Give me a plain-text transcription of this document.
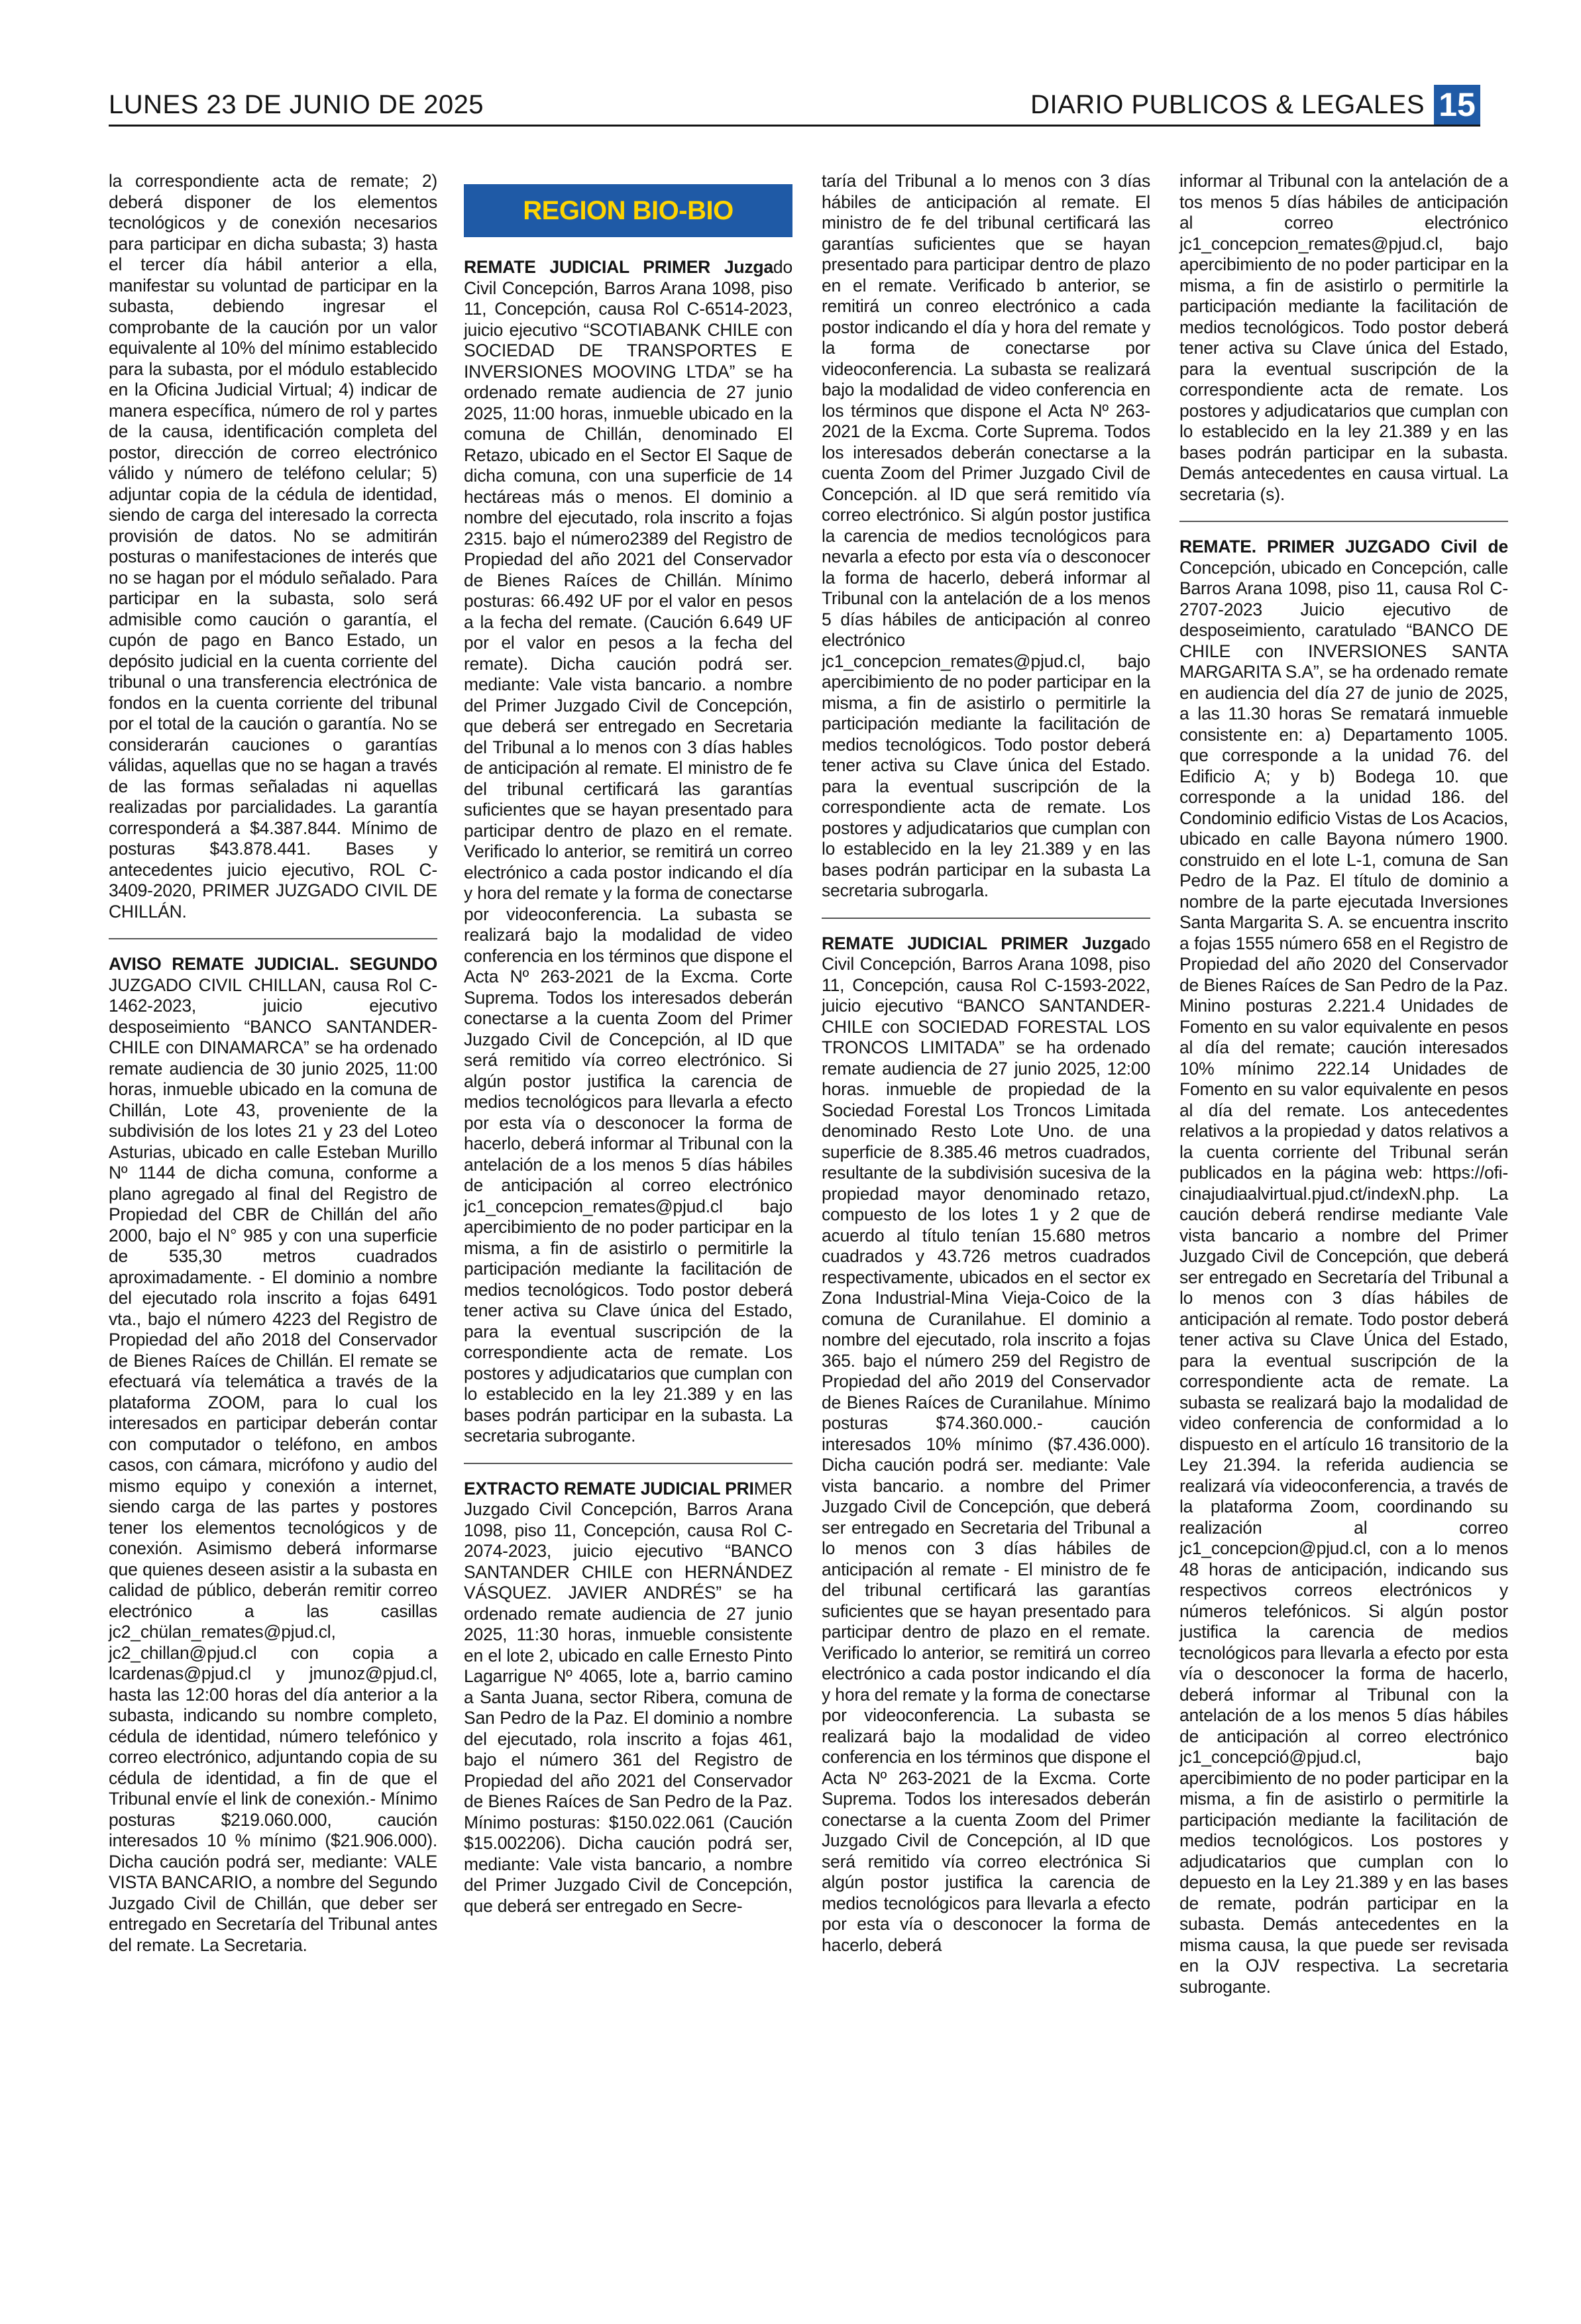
LUNES 23 DE JUNIO DE 2025	DIARIO PUBLICOS & LEGALES 15

la correspondiente acta de remate; 2) deberá disponer de los elementos tecnológicos y de conexión necesarios para participar en dicha subasta; 3) hasta el tercer día hábil anterior a ella, manifestar su voluntad de participar en la subasta, debiendo ingresar el comprobante de la caución por un valor equivalente al 10% del mínimo establecido para la subasta, por el módulo establecido en la Oficina Judicial Virtual; 4) indicar de manera específica, número de rol y partes de la causa, identificación completa del postor, dirección de correo electrónico válido y número de teléfono celular; 5) adjuntar copia de la cédula de identidad, siendo de carga del interesado la correcta provisión de datos. No se admitirán posturas o manifestaciones de interés que no se hagan por el módulo señalado. Para participar en la subasta, solo será admisible como caución o garantía, el cupón de pago en Banco Estado, un depósito judicial en la cuenta corriente del tribunal o una transferencia electrónica de fondos en la cuenta corriente del tribunal por el total de la caución o garantía. No se considerarán cauciones o garantías válidas, aquellas que no se hagan a través de las formas señaladas ni aquellas realizadas por parcialidades. La garantía corresponderá a $4.387.844. Mínimo de posturas $43.878.441. Bases y antecedentes juicio ejecutivo, ROL C-3409-2020, PRIMER JUZGADO CIVIL DE CHILLÁN.

AVISO REMATE JUDICIAL. SEGUNDO JUZGADO CIVIL CHILLAN, causa Rol C-1462-2023, juicio ejecutivo desposeimiento “BANCO SANTANDER-CHILE con DINAMARCA” se ha ordenado remate audiencia de 30 junio 2025, 11:00 horas, inmueble ubicado en la comuna de Chillán, Lote 43, proveniente de la subdivisión de los lotes 21 y 23 del Loteo Asturias, ubicado en calle Esteban Murillo Nº 1144 de dicha comuna, conforme a plano agregado al final del Registro de Propiedad del CBR de Chillán del año 2000, bajo el N° 985 y con una superficie de 535,30 metros cuadrados aproximadamente. - El dominio a nombre del ejecutado rola inscrito a fojas 6491 vta., bajo el número 4223 del Registro de Propiedad del año 2018 del Conservador de Bienes Raíces de Chillán. El remate se efectuará vía telemática a través de la plataforma ZOOM, para lo cual los interesados en participar deberán contar con computador o teléfono, en ambos casos, con cámara, micrófono y audio del mismo equipo y conexión a internet, siendo carga de las partes y postores tener los elementos tecnológicos y de conexión. Asimismo deberá informarse que quienes deseen asistir a la subasta en calidad de público, deberán remitir correo electrónico a las casillas jc2_chülan_remates@pjud.cl, jc2_chillan@pjud.cl con copia a lcardenas@pjud.cl y jmunoz@pjud.cl, hasta las 12:00 horas del día anterior a la subasta, indicando su nombre completo, cédula de identidad, número telefónico y correo electrónico, adjuntando copia de su cédula de identidad, a fin de que el Tribunal envíe el link de conexión.- Mínimo posturas $219.060.000, caución interesados 10 % mínimo ($21.906.000). Dicha caución podrá ser, mediante: VALE VISTA BANCARIO, a nombre del Segundo Juzgado Civil de Chillán, que deber ser entregado en Secretaría del Tribunal antes del remate. La Secretaria.

REGION BIO-BIO

REMATE JUDICIAL PRIMER Juzgado Civil Concepción, Barros Arana 1098, piso 11, Concepción, causa Rol C-6514-2023, juicio ejecutivo “SCOTIABANK CHILE con SOCIEDAD DE TRANSPORTES E INVERSIONES MOOVING LTDA” se ha ordenado remate audiencia de 27 junio 2025, 11:00 horas, inmueble ubicado en la comuna de Chillán, denominado El Retazo, ubicado en el Sector El Saque de dicha comuna, con una superficie de 14 hectáreas más o menos. El dominio a nombre del ejecutado, rola inscrito a fojas 2315. bajo el número2389 del Registro de Propiedad del año 2021 del Conservador de Bienes Raíces de Chillán. Mínimo posturas: 66.492 UF por el valor en pesos a la fecha del remate. (Caución 6.649 UF por el valor en pesos a la fecha del remate). Dicha caución podrá ser. mediante: Vale vista bancario. a nombre del Primer Juzgado Civil de Concepción, que deberá ser entregado en Secretaria del Tribunal a lo menos con 3 días hables de anticipación al remate. El ministro de fe del tribunal certificará las garantías suficientes que se hayan presentado para participar dentro de plazo en el remate. Verificado lo anterior, se remitirá un correo electrónico a cada postor indicando el día y hora del remate y la forma de conectarse por videoconferencia. La subasta se realizará bajo la modalidad de video conferencia en los términos que dispone el Acta Nº 263-2021 de la Excma. Corte Suprema. Todos los interesados deberán conectarse a la cuenta Zoom del Primer Juzgado Civil de Concepción, al ID que será remitido vía correo electrónico. Si algún postor justifica la carencia de medios tecnológicos para llevarla a efecto por esta vía o desconocer la forma de hacerlo, deberá informar al Tribunal con la antelación de a los menos 5 días hábiles de anticipación al correo electrónico jc1_concepcion_remates@pjud.cl bajo apercibimiento de no poder participar en la misma, a fin de asistirlo o permitirle la participación mediante la facilitación de medios tecnológicos. Todo postor deberá tener activa su Clave única del Estado, para la eventual suscripción de la correspondiente acta de remate. Los postores y adjudicatarios que cumplan con lo establecido en la ley 21.389 y en las bases podrán participar en la subasta. La secretaria subrogante.

EXTRACTO REMATE JUDICIAL PRIMER Juzgado Civil Concepción, Barros Arana 1098, piso 11, Concepción, causa Rol C-2074-2023, juicio ejecutivo “BANCO SANTANDER CHILE con HERNÁNDEZ VÁSQUEZ. JAVIER ANDRÉS” se ha ordenado remate audiencia de 27 junio 2025, 11:30 horas, inmueble consistente en el lote 2, ubicado en calle Ernesto Pinto Lagarrigue Nº 4065, lote a, barrio camino a Santa Juana, sector Ribera, comuna de San Pedro de la Paz. El dominio a nombre del ejecutado, rola inscrito a fojas 461, bajo el número 361 del Registro de Propiedad del año 2021 del Conservador de Bienes Raíces de San Pedro de la Paz. Mínimo posturas: $150.022.061 (Caución $15.002206). Dicha caución podrá ser, mediante: Vale vista bancario, a nombre del Primer Juzgado Civil de Concepción, que deberá ser entregado en Secre-

taría del Tribunal a lo menos con 3 días hábiles de anticipación al remate. El ministro de fe del tribunal certificará las garantías suficientes que se hayan presentado para participar dentro de plazo en el remate. Verificado b anterior, se remitirá un conreo electrónico a cada postor indicando el día y hora del remate y la forma de conectarse por videoconferencia. La subasta se realizará bajo la modalidad de video conferencia en los términos que dispone el Acta Nº 263-2021 de la Excma. Corte Suprema. Todos los interesados deberán conectarse a la cuenta Zoom del Primer Juzgado Civil de Concepción. al ID que será remitido vía correo electrónico. Si algún postor justifica la carencia de medios tecnológicos para nevarla a efecto por esta vía o desconocer la forma de hacerlo, deberá informar al Tribunal con la antelación de a los menos 5 días hábiles de anticipación al conreo electrónico jc1_concepcion_remates@pjud.cl, bajo apercibimiento de no poder participar en la misma, a fin de asistirlo o permitirle la participación mediante la facilitación de medios tecnológicos. Todo postor deberá tener activa su Clave única del Estado. para la eventual suscripción de la correspondiente acta de remate. Los postores y adjudicatarios que cumplan con lo establecido en la ley 21.389 y en las bases podrán participar en la subasta La secretaria subrogarla.

REMATE JUDICIAL PRIMER Juzgado Civil Concepción, Barros Arana 1098, piso 11, Concepción, causa Rol C-1593-2022, juicio ejecutivo “BANCO SANTANDER-CHILE con SOCIEDAD FORESTAL LOS TRONCOS LIMITADA” se ha ordenado remate audiencia de 27 junio 2025, 12:00 horas. inmueble de propiedad de la Sociedad Forestal Los Troncos Limitada denominado Resto Lote Uno. de una superficie de 8.385.46 metros cuadrados, resultante de la subdivisión sucesiva de la propiedad mayor denominado retazo, compuesto de los lotes 1 y 2 que de acuerdo al título tenían 15.680 metros cuadrados y 43.726 metros cuadrados respectivamente, ubicados en el sector ex Zona Industrial-Mina Vieja-Coico de la comuna de Curanilahue. El dominio a nombre del ejecutado, rola inscrito a fojas 365. bajo el número 259 del Registro de Propiedad del año 2019 del Conservador de Bienes Raíces de Curanilahue. Mínimo posturas $74.360.000.- caución interesados 10% mínimo ($7.436.000). Dicha caución podrá ser. mediante: Vale vista bancario. a nombre del Primer Juzgado Civil de Concepción, que deberá ser entregado en Secretaria del Tribunal a lo menos con 3 días hábiles de anticipación al remate - El ministro de fe del tribunal certificará las garantías suficientes que se hayan presentado para participar dentro de plazo en el remate. Verificado lo anterior, se remitirá un correo electrónico a cada postor indicando el día y hora del remate y la forma de conectarse por videoconferencia. La subasta se realizará bajo la modalidad de video conferencia en los términos que dispone el Acta Nº 263-2021 de la Excma. Corte Suprema. Todos los interesados deberán conectarse a la cuenta Zoom del Primer Juzgado Civil de Concepción, al ID que será remitido vía correo electrónica Si algún postor justifica la carencia de medios tecnológicos para llevarla a efecto por esta vía o desconocer la forma de hacerlo, deberá

informar al Tribunal con la antelación de a tos menos 5 días hábiles de anticipación al correo electrónico jc1_concepcion_remates@pjud.cl, bajo apercibimiento de no poder participar en la misma, a fin de asistirlo o permitirle la participación mediante la facilitación de medios tecnológicos. Todo postor deberá tener activa su Clave única del Estado, para la eventual suscripción de la correspondiente acta de remate. Los postores y adjudicatarios que cumplan con lo establecido en la ley 21.389 y en las bases podrán participar en la subasta. Demás antecedentes en causa virtual. La secretaria (s).

REMATE. PRIMER JUZGADO Civil de Concepción, ubicado en Concepción, calle Barros Arana 1098, piso 11, causa Rol C-2707-2023 Juicio ejecutivo de desposeimiento, caratulado “BANCO DE CHILE con INVERSIONES SANTA MARGARITA S.A”, se ha ordenado remate en audiencia del día 27 de junio de 2025, a las 11.30 horas Se rematará inmueble consistente en: a) Departamento 1005. que corresponde a la unidad 76. del Edificio A; y b) Bodega 10. que corresponde a la unidad 186. del Condominio edificio Vistas de Los Acacios, ubicado en calle Bayona número 1900. construido en el lote L-1, comuna de San Pedro de la Paz. El título de dominio a nombre de la parte ejecutada Inversiones Santa Margarita S. A. se encuentra inscrito a fojas 1555 número 658 en el Registro de Propiedad del año 2020 del Conservador de Bienes Raíces de San Pedro de la Paz. Minino posturas 2.221.4 Unidades de Fomento en su valor equivalente en pesos al día del remate; caución interesados 10% mínimo 222.14 Unidades de Fomento en su valor equivalente en pesos al día del remate. Los antecedentes relativos a la propiedad y datos relativos a la cuenta corriente del Tribunal serán publicados en la página web: https://ofi-cinajudiaalvirtual.pjud.ct/indexN.php. La caución deberá rendirse mediante Vale vista bancario a nombre del Primer Juzgado Civil de Concepción, que deberá ser entregado en Secretaría del Tribunal a lo menos con 3 días hábiles de anticipación al remate. Todo postor deberá tener activa su Clave Única del Estado, para la eventual suscripción de la correspondiente acta de remate. La subasta se realizará bajo la modalidad de video conferencia de conformidad a lo dispuesto en el artículo 16 transitorio de la Ley 21.394. la referida audiencia se realizará vía videoconferencia, a través de la plataforma Zoom, coordinando su realización al correo jc1_concepcion@pjud.cl, con a lo menos 48 horas de anticipación, indicando sus respectivos correos electrónicos y números telefónicos. Si algún postor justifica la carencia de medios tecnológicos para llevarla a efecto por esta vía o desconocer la forma de hacerlo, deberá informar al Tribunal con la antelación de a los menos 5 días hábiles de anticipación al correo electrónico jc1_concepció@pjud.cl, bajo apercibimiento de no poder participar en la misma, a fin de asistirlo o permitirle la participación mediante la facilitación de medios tecnológicos. Los postores y adjudicatarios que cumplan con lo depuesto en la Ley 21.389 y en las bases de remate, podrán participar en la subasta. Demás antecedentes en la misma causa, la que puede ser revisada en la OJV respectiva. La secretaria subrogante.
